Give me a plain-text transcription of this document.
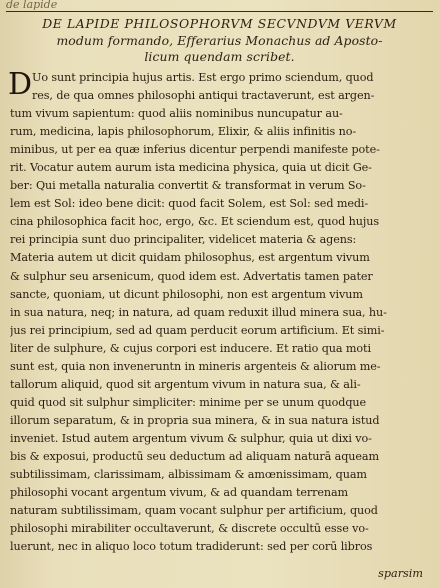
de lapide
DE LAPIDE PHILOSOPHORVM SECVNDVM VERVM
modum formando, Efferarius Monachus ad Aposto-
licum quendam scribet.
D Uo sunt principia hujus artis. Est ergo primo sciendum, quod
res, de qua omnes philosophi antiqui tractaverunt, est argen-
tum vivum sapientum: quod aliis nominibus nuncupatur au-
rum, medicina, lapis philosophorum, Elixir, & aliis infinitis no-
minibus, ut per ea quæ inferius dicentur perpendi manifeste pote-
rit. Vocatur autem aurum ista medicina physica, quia ut dicit Ge-
ber: Qui metalla naturalia convertit & transformat in verum So-
lem est Sol: ideo bene dicit: quod facit Solem, est Sol: sed medi-
cina philosophica facit hoc, ergo, &c. Et sciendum est, quod hujus
rei principia sunt duo principaliter, videlicet materia & agens:
Materia autem ut dicit quidam philosophus, est argentum vivum
& sulphur seu arsenicum, quod idem est. Advertatis tamen pater
sancte, quoniam, ut dicunt philosophi, non est argentum vivum
in sua natura, neq; in natura, ad quam reduxit illud minera sua, hu-
jus rei principium, sed ad quam perducit eorum artificium. Et simi-
liter de sulphure, & cujus corpori est inducere. Et ratio qua moti
sunt est, quia non inveneruntn in mineris argenteis & aliorum me-
tallorum aliquid, quod sit argentum vivum in natura sua, & ali-
quid quod sit sulphur simpliciter: minime per se unum quodque
illorum separatum, & in propria sua minera, & in sua natura istud
inveniet. Istud autem argentum vivum & sulphur, quia ut dixi vo-
bis & exposui, productū seu deductum ad aliquam naturā aqueam
subtilissimam, clarissimam, albissimam & amœnissimam, quam
philosophi vocant argentum vivum, & ad quandam terrenam
naturam subtilissimam, quam vocant sulphur per artificium, quod
philosophi mirabiliter occultaverunt, & discrete occultū esse vo-
luerunt, nec in aliquo loco totum tradiderunt: sed per corū libros
sparsim
